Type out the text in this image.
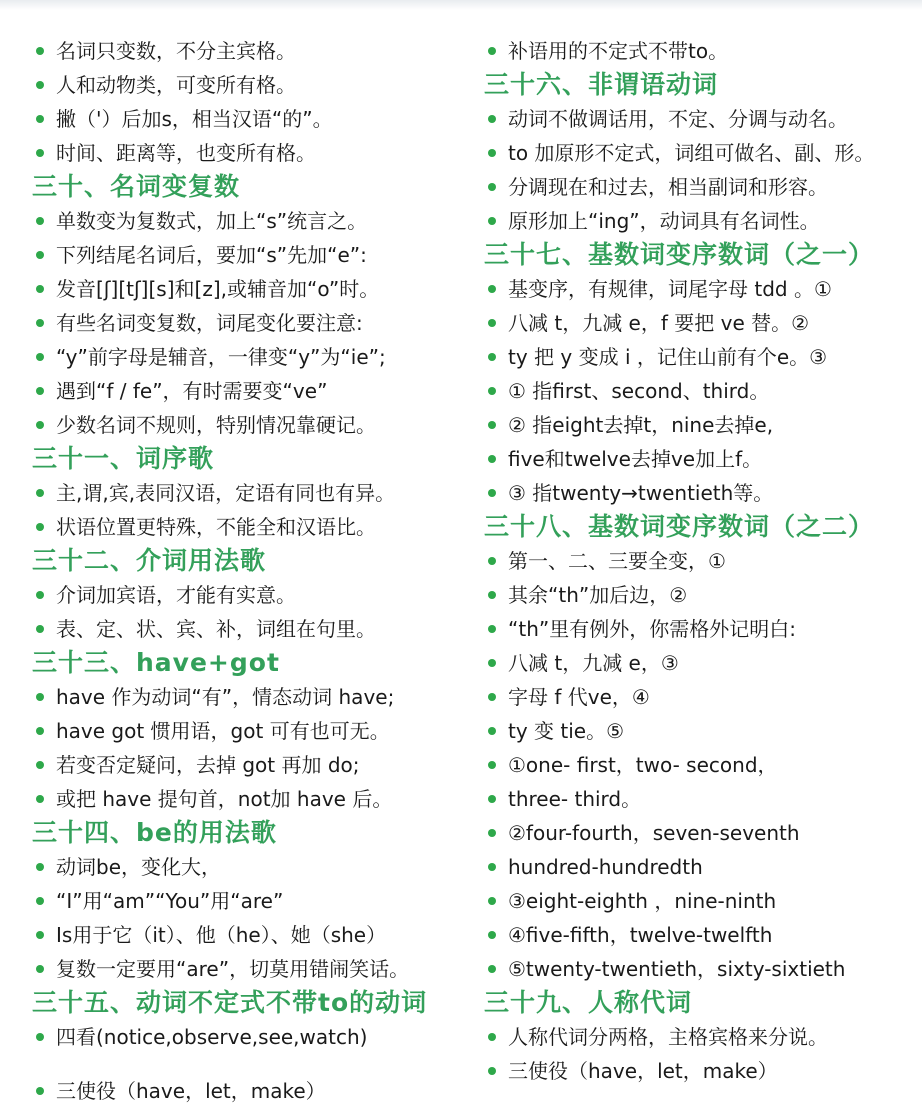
名词只变数，不分主宾格。
人和动物类，可变所有格。
撇（'）后加s，相当汉语“的”。
时间、距离等，也变所有格。
三十、名词变复数
单数变为复数式，加上“s”统言之。
下列结尾名词后，要加“s”先加“e”:
发音[ʃ][tʃ][s]和[z],或辅音加“o”时。
有些名词变复数，词尾变化要注意:
“y”前字母是辅音，一律变“y”为“ie”;
遇到“f / fe”，有时需要变“ve”
少数名词不规则，特别情况靠硬记。
三十一、词序歌
主,谓,宾,表同汉语，定语有同也有异。
状语位置更特殊，不能全和汉语比。
三十二、介词用法歌
介词加宾语，才能有实意。
表、定、状、宾、补，词组在句里。
三十三、have+got
have 作为动词“有”，情态动词 have;
have got 惯用语，got 可有也可无。
若变否定疑问，去掉 got 再加 do;
或把 have 提句首，not加 have 后。
三十四、be的用法歌
动词be，变化大，
“I”用“am”“You”用“are”
Is用于它（it）、他（he）、她（she）
复数一定要用“are”，切莫用错闹笑话。
三十五、动词不定式不带to的动词
四看(notice,observe,see,watch)
补语用的不定式不带to。
三十六、非谓语动词
动词不做调话用，不定、分调与动名。
to 加原形不定式，词组可做名、副、形。
分调现在和过去，相当副词和形容。
原形加上“ing”，动词具有名词性。
三十七、基数词变序数词（之一）
基变序，有规律，词尾字母 tdd 。①
八减 t，九减 e，f 要把 ve 替。②
ty 把 y 变成 i ，记住山前有个e。③
① 指first、second、third。
② 指eight去掉t，nine去掉e,
five和twelve去掉ve加上f。
③ 指twenty→twentieth等。
三十八、基数词变序数词（之二）
第一、二、三要全变，①
其余“th”加后边，②
“th”里有例外，你需格外记明白:
八减 t，九减 e，③
字母 f 代ve，④
ty 变 tie。⑤
①one- first，two- second，
three- third。
②four-fourth，seven-seventh
hundred-hundredth
③eight-eighth ，nine-ninth
④five-fifth，twelve-twelfth
⑤twenty-twentieth，sixty-sixtieth
三十九、人称代词
人称代词分两格，主格宾格来分说。
三使役（have，let，make）
三使役（have，let，make）
